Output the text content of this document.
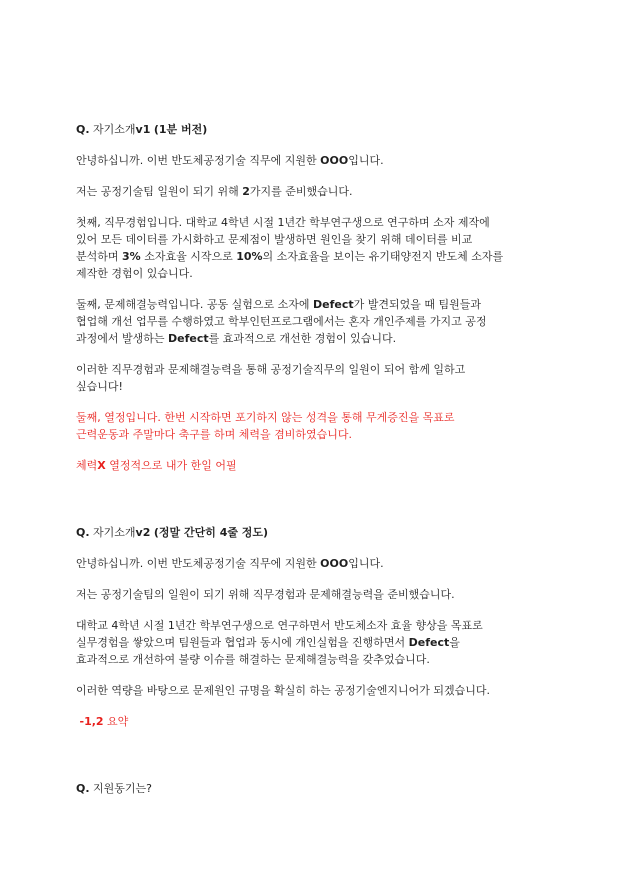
Q. 자기소개v1 (1분 버전)

안녕하십니까. 이번 반도체공정기술 직무에 지원한 OOO입니다.

저는 공정기술팀 일원이 되기 위해 2가지를 준비했습니다.

첫째, 직무경험입니다. 대학교 4학년 시절 1년간 학부연구생으로 연구하며 소자 제작에
있어 모든 데이터를 가시화하고 문제점이 발생하면 원인을 찾기 위해 데이터를 비교
분석하며 3% 소자효율 시작으로 10%의 소자효율을 보이는 유기태양전지 반도체 소자를
제작한 경험이 있습니다.

둘째, 문제해결능력입니다. 공동 실험으로 소자에 Defect가 발견되었을 때 팀원들과
협업해 개선 업무를 수행하였고 학부인턴프로그램에서는 혼자 개인주제를 가지고 공정
과정에서 발생하는 Defect를 효과적으로 개선한 경험이 있습니다.

이러한 직무경험과 문제해결능력을 통해 공정기술직무의 일원이 되어 함께 일하고
싶습니다!

둘째, 열정입니다. 한번 시작하면 포기하지 않는 성격을 통해 무게증진을 목표로
근력운동과 주말마다 축구를 하며 체력을 겸비하였습니다.

체력X 열정적으로 내가 한일 어필

Q. 자기소개v2 (정말 간단히 4줄 정도)

안녕하십니까. 이번 반도체공정기술 직무에 지원한 OOO입니다.

저는 공정기술팀의 일원이 되기 위해 직무경험과 문제해결능력을 준비했습니다.

대학교 4학년 시절 1년간 학부연구생으로 연구하면서 반도체소자 효율 향상을 목표로
실무경험을 쌓았으며 팀원들과 협업과 동시에 개인실험을 진행하면서 Defect을
효과적으로 개선하여 불량 이슈를 해결하는 문제해결능력을 갖추었습니다.

이러한 역량을 바탕으로 문제원인 규명을 확실히 하는 공정기술엔지니어가 되겠습니다.

-1,2 요약

Q. 지원동기는?
